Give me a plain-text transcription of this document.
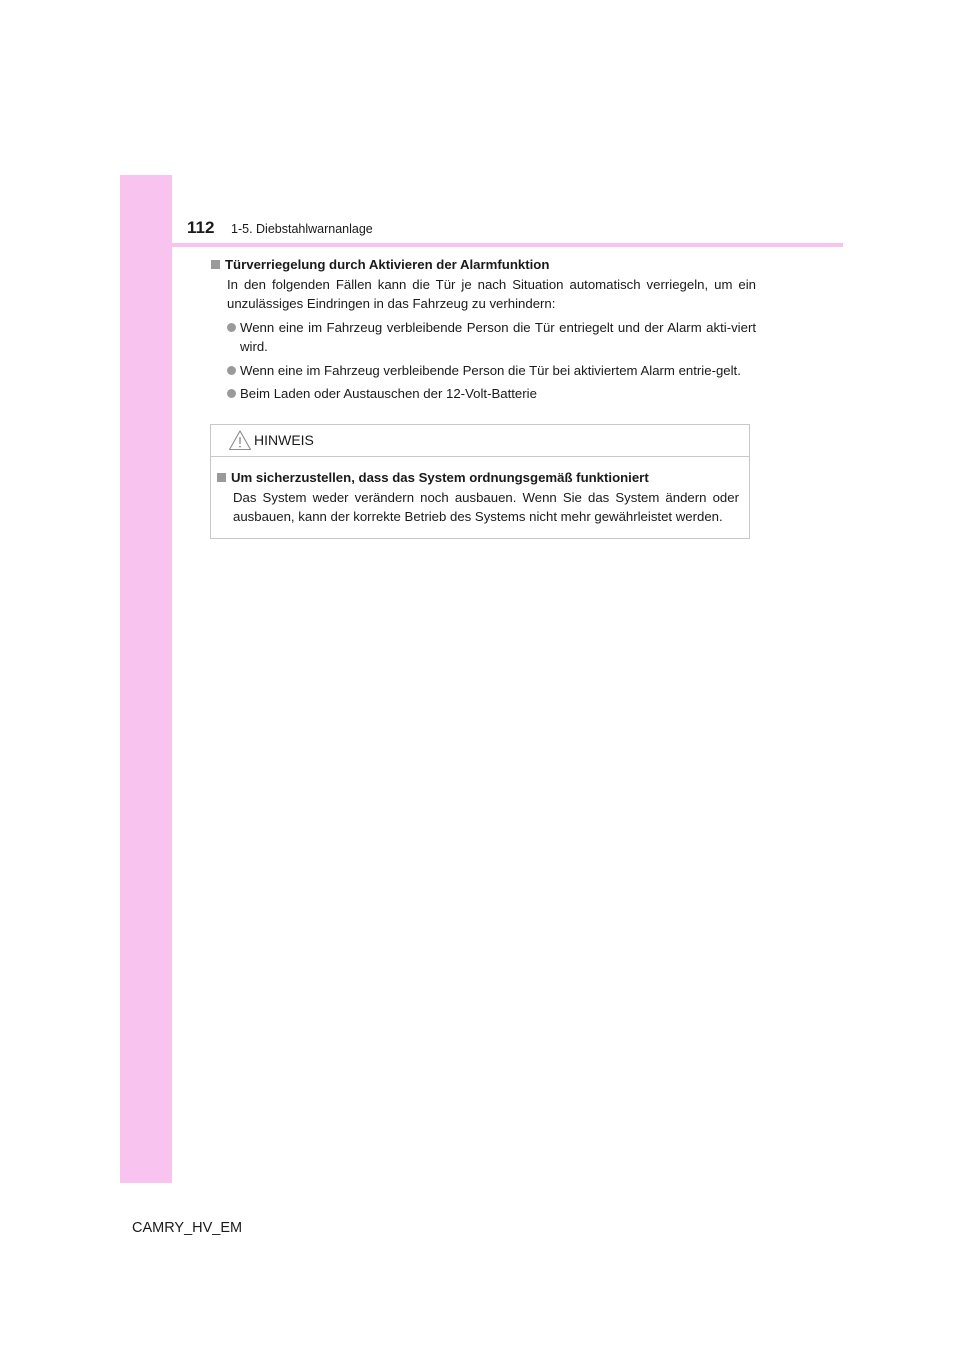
112 1-5. Diebstahlwarnanlage

Türverriegelung durch Aktivieren der Alarmfunktion

In den folgenden Fällen kann die Tür je nach Situation automatisch verriegeln, um ein unzulässiges Eindringen in das Fahrzeug zu verhindern:

Wenn eine im Fahrzeug verbleibende Person die Tür entriegelt und der Alarm akti-viert wird.
Wenn eine im Fahrzeug verbleibende Person die Tür bei aktiviertem Alarm entrie-gelt.
Beim Laden oder Austauschen der 12-Volt-Batterie
HINWEIS

Um sicherzustellen, dass das System ordnungsgemäß funktioniert

Das System weder verändern noch ausbauen. Wenn Sie das System ändern oder ausbauen, kann der korrekte Betrieb des Systems nicht mehr gewährleistet werden.

CAMRY_HV_EM
